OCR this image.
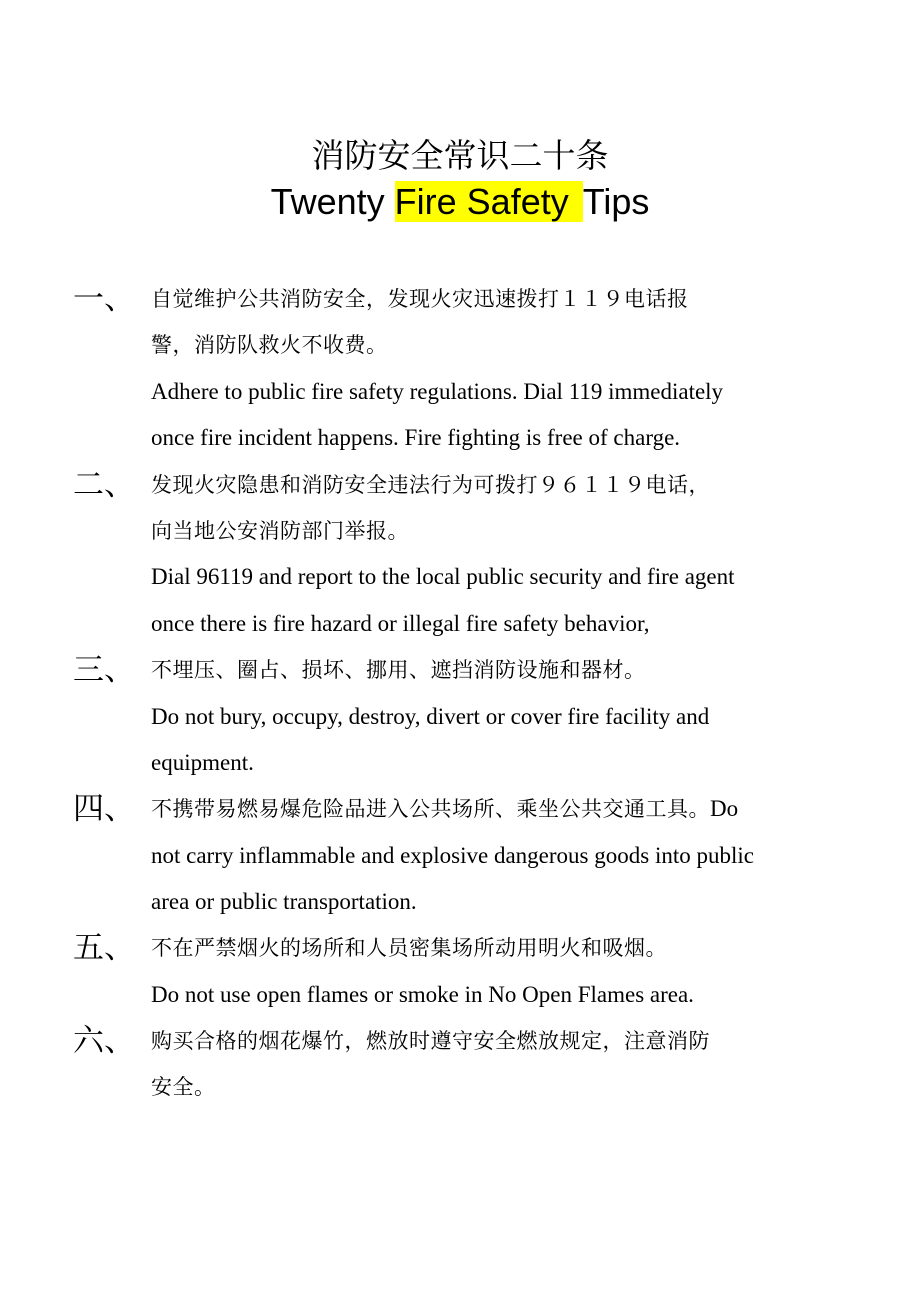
消防安全常识二十条
Twenty Fire Safety Tips
一、 自觉维护公共消防安全，发现火灾迅速拨打１１９电话报
警，消防队救火不收费。
Adhere to public fire safety regulations. Dial 119 immediately
once fire incident happens. Fire fighting is free of charge.
二、 发现火灾隐患和消防安全违法行为可拨打９６１１９电话，
向当地公安消防部门举报。
Dial 96119 and report to the local public security and fire agent
once there is fire hazard or illegal fire safety behavior,
三、 不埋压、圈占、损坏、挪用、遮挡消防设施和器材。
Do not bury, occupy, destroy, divert or cover fire facility and
equipment.
四、 不携带易燃易爆危险品进入公共场所、乘坐公共交通工具。Do
not carry inflammable and explosive dangerous goods into public
area or public transportation.
五、 不在严禁烟火的场所和人员密集场所动用明火和吸烟。
Do not use open flames or smoke in No Open Flames area.
六、 购买合格的烟花爆竹，燃放时遵守安全燃放规定，注意消防
安全。
